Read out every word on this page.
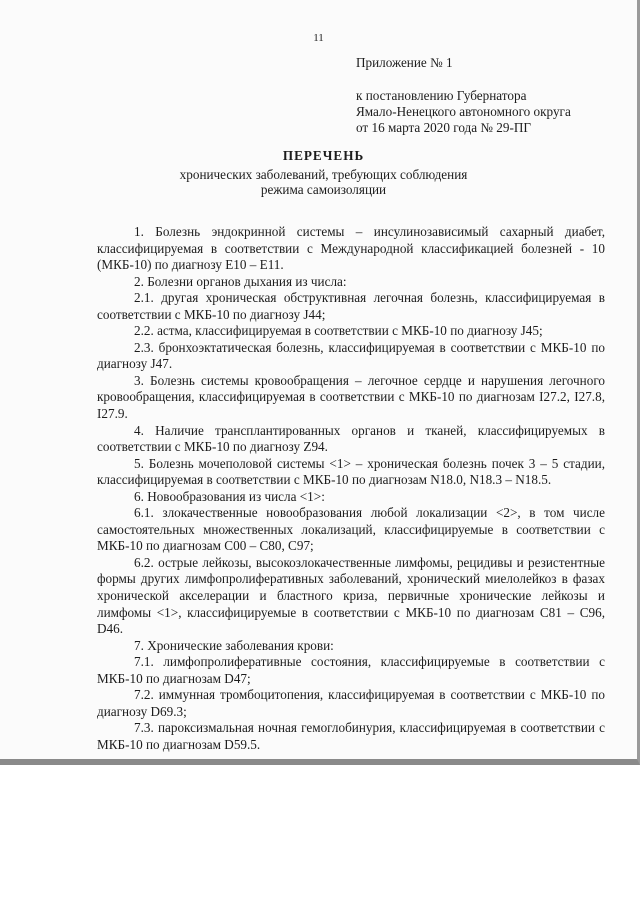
11
Приложение № 1
к постановлению Губернатора
Ямало-Ненецкого автономного округа
от 16 марта 2020 года № 29-ПГ
ПЕРЕЧЕНЬ
хронических заболеваний, требующих соблюдения
режима самоизоляции

1. Болезнь эндокринной системы – инсулинозависимый сахарный диабет, классифицируемая в соответствии с Международной классификацией болезней - 10 (МКБ-10) по диагнозу Е10 – Е11.

2. Болезни органов дыхания из числа:

2.1. другая хроническая обструктивная легочная болезнь, классифицируемая в соответствии с МКБ-10 по диагнозу J44;

2.2. астма, классифицируемая в соответствии с МКБ-10 по диагнозу J45;

2.3. бронхоэктатическая болезнь, классифицируемая в соответствии с МКБ-10 по диагнозу J47.

3. Болезнь системы кровообращения – легочное сердце и нарушения легочного кровообращения, классифицируемая в соответствии с МКБ-10 по диагнозам I27.2, I27.8, I27.9.

4. Наличие трансплантированных органов и тканей, классифицируемых в соответствии с МКБ-10 по диагнозу Z94.

5. Болезнь мочеполовой системы <1> – хроническая болезнь почек 3 – 5 стадии, классифицируемая в соответствии с МКБ-10 по диагнозам N18.0, N18.3 – N18.5.

6. Новообразования из числа <1>:

6.1. злокачественные новообразования любой локализации <2>, в том числе самостоятельных множественных локализаций, классифицируемые в соответствии с МКБ-10 по диагнозам С00 – С80, С97;

6.2. острые лейкозы, высокозлокачественные лимфомы, рецидивы и резистентные формы других лимфопролиферативных заболеваний, хронический миелолейкоз в фазах хронической акселерации и бластного криза, первичные хронические лейкозы и лимфомы <1>, классифицируемые в соответствии с МКБ-10 по диагнозам С81 – С96, D46.

7. Хронические заболевания крови:

7.1. лимфопролиферативные состояния, классифицируемые в соответствии с МКБ-10 по диагнозам D47;

7.2. иммунная тромбоцитопения, классифицируемая в соответствии с МКБ-10 по диагнозу D69.3;

7.3. пароксизмальная ночная гемоглобинурия, классифицируемая в соответствии с МКБ-10 по диагнозам D59.5.
